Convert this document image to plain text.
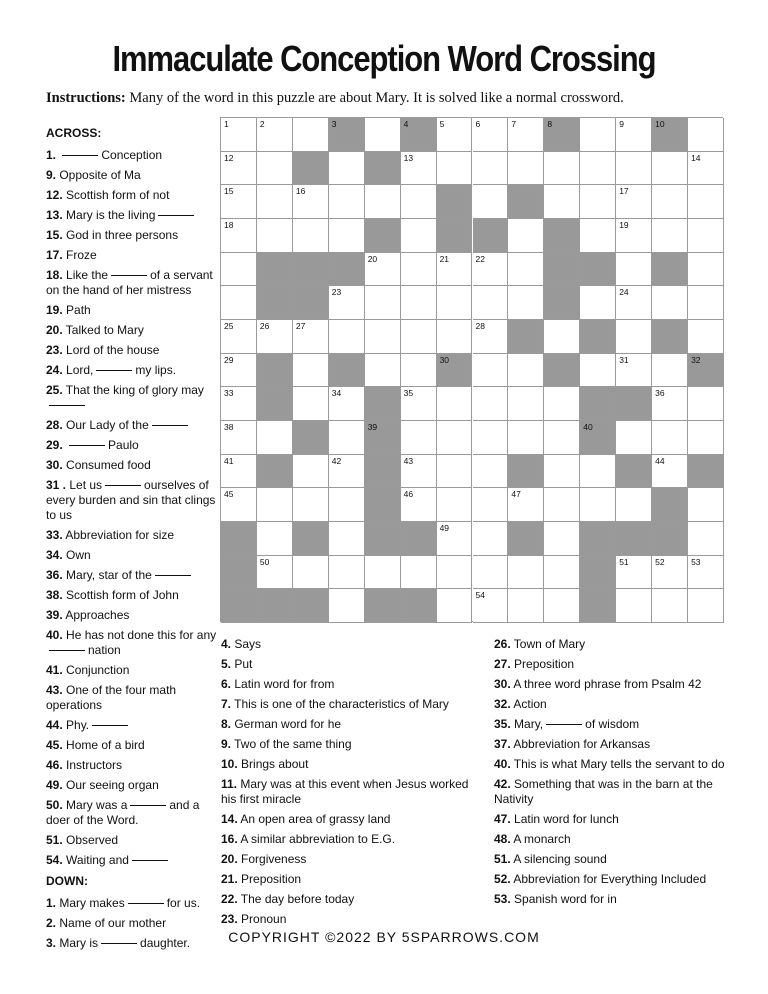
Immaculate Conception Word Crossing
Instructions: Many of the word in this puzzle are about Mary. It is solved like a normal crossword.
1	2	3	4	5	6	7	8	9	10
12	13	14
15	16	17
18	19
20	21	22
23	24
25	26	27	28
29	30	31	32
33	34	35	36
38	39	40
41	42	43	44
45	46	47
49
50	51	52	53
54
ACROSS:
1.	Conception
9. Opposite of Ma
12. Scottish form of not
13. Mary is the living
15. God in three persons
17. Froze
18. Like the	of a servant on the hand of her mistress
19. Path
20. Talked to Mary
23. Lord of the house
24. Lord,	my lips.
25. That the king of glory may

28. Our Lady of the
29.	Paulo
30. Consumed food
31 . Let us	ourselves of every burden and sin that clings to us
33. Abbreviation for size
34. Own
36. Mary, star of the
38. Scottish form of John
39. Approaches
40. He has not done this for any
nation
41. Conjunction
43. One of the four math operations
44. Phy.
45. Home of a bird
46. Instructors
49. Our seeing organ
50. Mary was a	and a doer of the Word.
51. Observed
54. Waiting and
DOWN:
1. Mary makes	for us.
2. Name of our mother
3. Mary is	daughter.
4. Says
5. Put
6. Latin word for from
7. This is one of the characteristics of Mary
8. German word for he
9. Two of the same thing
10. Brings about
11. Mary was at this event when Jesus worked his first miracle
14. An open area of grassy land
16. A similar abbreviation to E.G.
20. Forgiveness
21. Preposition
22. The day before today
23. Pronoun
26. Town of Mary
27. Preposition
30. A three word phrase from Psalm 42
32. Action
35. Mary,	of wisdom
37. Abbreviation for Arkansas
40. This is what Mary tells the servant to do
42. Something that was in the barn at the Nativity
47. Latin word for lunch
48. A monarch
51. A silencing sound
52. Abbreviation for Everything Included
53. Spanish word for in
COPYRIGHT ©2022 BY 5SPARROWS.COM
